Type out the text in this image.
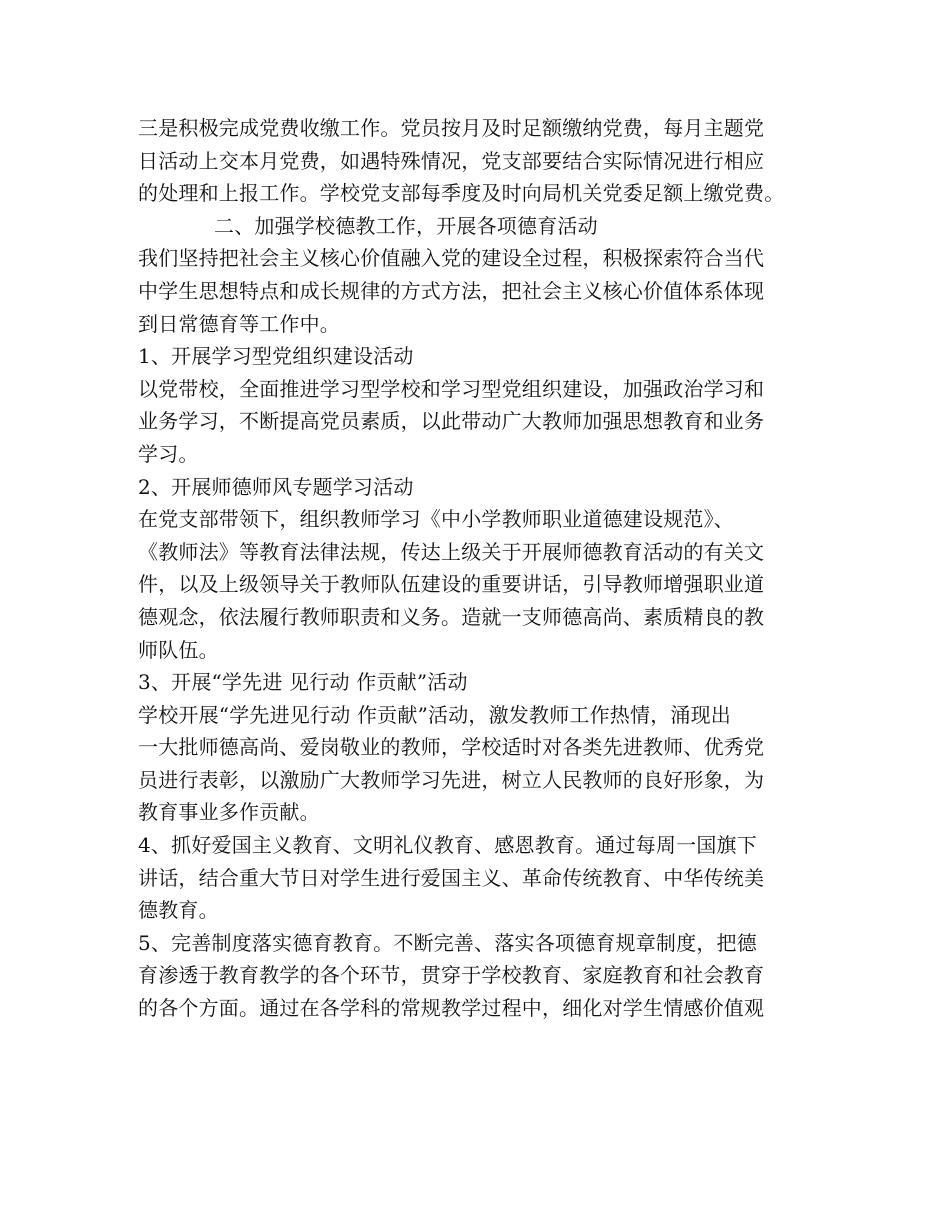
三是积极完成党费收缴工作。党员按月及时足额缴纳党费，每月主题党
日活动上交本月党费，如遇特殊情况，党支部要结合实际情况进行相应
的处理和上报工作。学校党支部每季度及时向局机关党委足额上缴党费。

二、加强学校德教工作，开展各项德育活动

我们坚持把社会主义核心价值融入党的建设全过程，积极探索符合当代
中学生思想特点和成长规律的方式方法，把社会主义核心价值体系体现
到日常德育等工作中。

1、开展学习型党组织建设活动

以党带校，全面推进学习型学校和学习型党组织建设，加强政治学习和
业务学习，不断提高党员素质，以此带动广大教师加强思想教育和业务
学习。

2、开展师德师风专题学习活动

在党支部带领下，组织教师学习《中小学教师职业道德建设规范》、
《教师法》等教育法律法规，传达上级关于开展师德教育活动的有关文
件，以及上级领导关于教师队伍建设的重要讲话，引导教师增强职业道
德观念，依法履行教师职责和义务。造就一支师德高尚、素质精良的教
师队伍。

3、开展“学先进 见行动 作贡献”活动

学校开展“学先进见行动 作贡献”活动，激发教师工作热情，涌现出
一大批师德高尚、爱岗敬业的教师，学校适时对各类先进教师、优秀党
员进行表彰，以激励广大教师学习先进，树立人民教师的良好形象，为
教育事业多作贡献。

4、抓好爱国主义教育、文明礼仪教育、感恩教育。通过每周一国旗下
讲话，结合重大节日对学生进行爱国主义、革命传统教育、中华传统美
德教育。

5、完善制度落实德育教育。不断完善、落实各项德育规章制度，把德
育渗透于教育教学的各个环节，贯穿于学校教育、家庭教育和社会教育
的各个方面。通过在各学科的常规教学过程中，细化对学生情感价值观
